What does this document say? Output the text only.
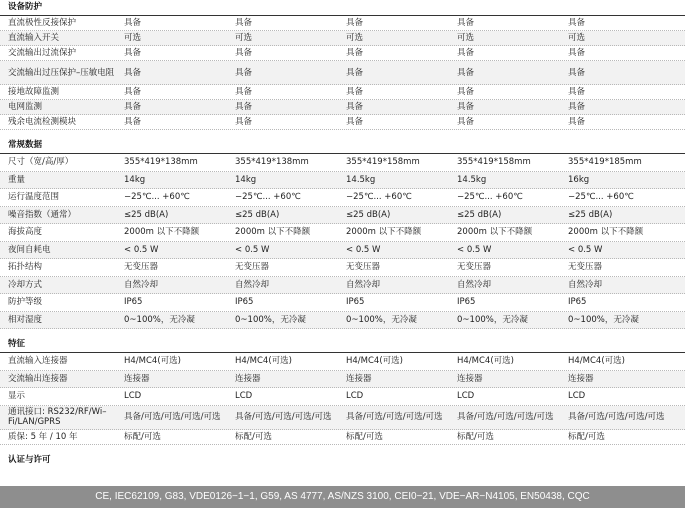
设备防护
直流极性反接保护	具备	具备	具备	具备	具备
直流输入开关	可选	可选	可选	可选	可选
交流输出过流保护	具备	具备	具备	具备	具备
交流输出过压保护–压敏电阻	具备	具备	具备	具备	具备
接地故障监测	具备	具备	具备	具备	具备
电网监测	具备	具备	具备	具备	具备
残余电流检测模块	具备	具备	具备	具备	具备
常规数据
尺寸（宽/高/厚）	355*419*138mm	355*419*138mm	355*419*158mm	355*419*158mm	355*419*185mm
重量	14kg	14kg	14.5kg	14.5kg	16kg
运行温度范围	−25℃... +60℃	−25℃... +60℃	−25℃... +60℃	−25℃... +60℃	−25℃... +60℃
噪音指数（通常）	≤25 dB(A)	≤25 dB(A)	≤25 dB(A)	≤25 dB(A)	≤25 dB(A)
海拔高度	2000m 以下不降额	2000m 以下不降额	2000m 以下不降额	2000m 以下不降额	2000m 以下不降额
夜间自耗电	< 0.5 W	< 0.5 W	< 0.5 W	< 0.5 W	< 0.5 W
拓扑结构	无变压器	无变压器	无变压器	无变压器	无变压器
冷却方式	自然冷却	自然冷却	自然冷却	自然冷却	自然冷却
防护等级	IP65	IP65	IP65	IP65	IP65
相对湿度	0~100%，无冷凝	0~100%，无冷凝	0~100%，无冷凝	0~100%，无冷凝	0~100%，无冷凝
特征
直流输入连接器	H4/MC4(可选)	H4/MC4(可选)	H4/MC4(可选)	H4/MC4(可选)	H4/MC4(可选)
交流输出连接器	连接器	连接器	连接器	连接器	连接器
显示	LCD	LCD	LCD	LCD	LCD
通讯接口: RS232/RF/Wi–Fi/LAN/GPRS	具备/可选/可选/可选/可选	具备/可选/可选/可选/可选	具备/可选/可选/可选/可选	具备/可选/可选/可选/可选	具备/可选/可选/可选/可选
质保: 5 年 / 10 年	标配/可选	标配/可选	标配/可选	标配/可选	标配/可选
认证与许可
CE, IEC62109, G83, VDE0126−1−1, G59, AS 4777, AS/NZS 3100, CEI0−21, VDE−AR−N4105, EN50438, CQC
